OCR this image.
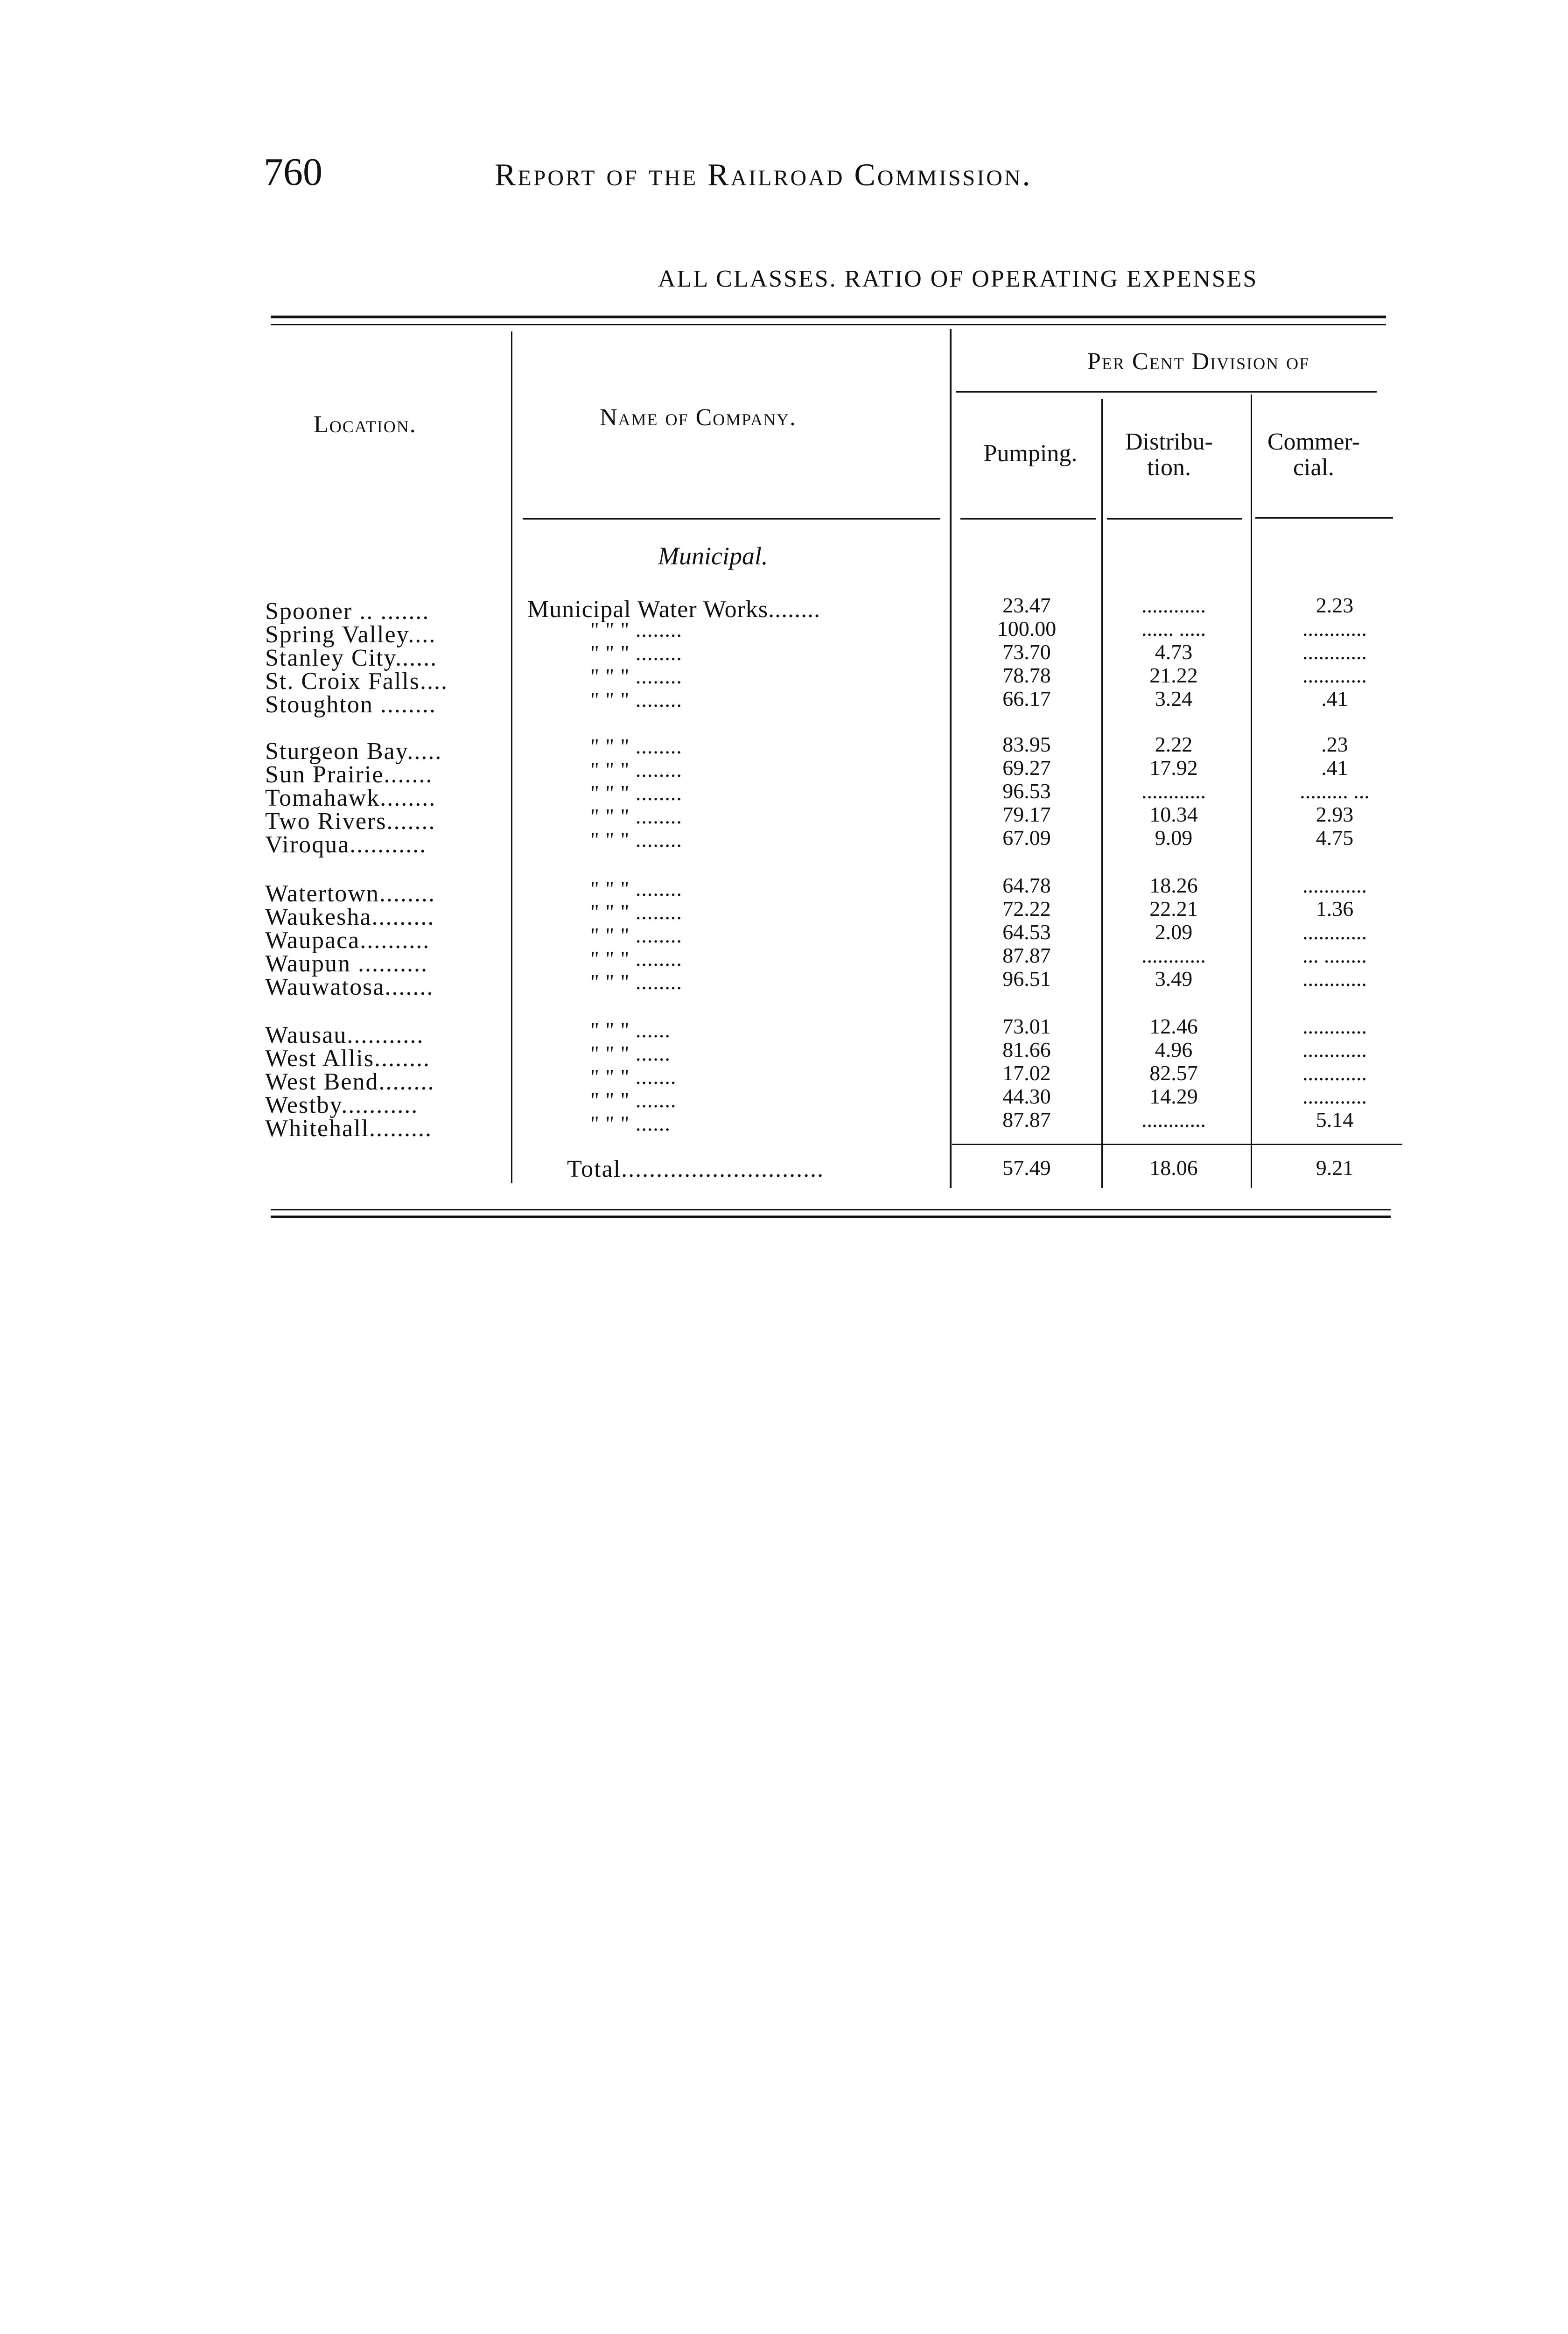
760	Report of the Railroad Commission.
ALL CLASSES. RATIO OF OPERATING EXPENSES
Location.	Name of Company.
Per Cent Division of
Pumping.	Distribu- tion.
Commer- cial.
Municipal.
Spooner .. .......	Municipal Water Works........	23.47	............	2.23
Spring Valley....	" " " ........	100.00	...... .....	............
Stanley City......	" " " ........	73.70	4.73	............
St. Croix Falls....	" " " ........	78.78	21.22	............
Stoughton ........	" " " ........	66.17	3.24	.41
Sturgeon Bay.....	" " " ........	83.95	2.22	.23
Sun Prairie.......	" " " ........	69.27	17.92	.41
Tomahawk........	" " " ........	96.53	............	......... ...
Two Rivers.......	" " " ........	79.17	10.34	2.93
Viroqua...........	" " " ........	67.09	9.09	4.75
Watertown........	" " " ........	64.78	18.26	............
Waukesha.........	" " " ........	72.22	22.21	1.36
Waupaca..........	" " " ........	64.53	2.09	............
Waupun ..........	" " " ........	87.87	............	... ........
Wauwatosa.......	" " " ........	96.51	3.49	............
Wausau...........	" " " ......	73.01	12.46	............
West Allis........	" " " ......	81.66	4.96	............
West Bend........	" " " .......	17.02	82.57	............
Westby...........	" " " .......	44.30	14.29	............
Whitehall.........	" " " ......	87.87	............	5.14
Total.............................	57.49	18.06	9.21
